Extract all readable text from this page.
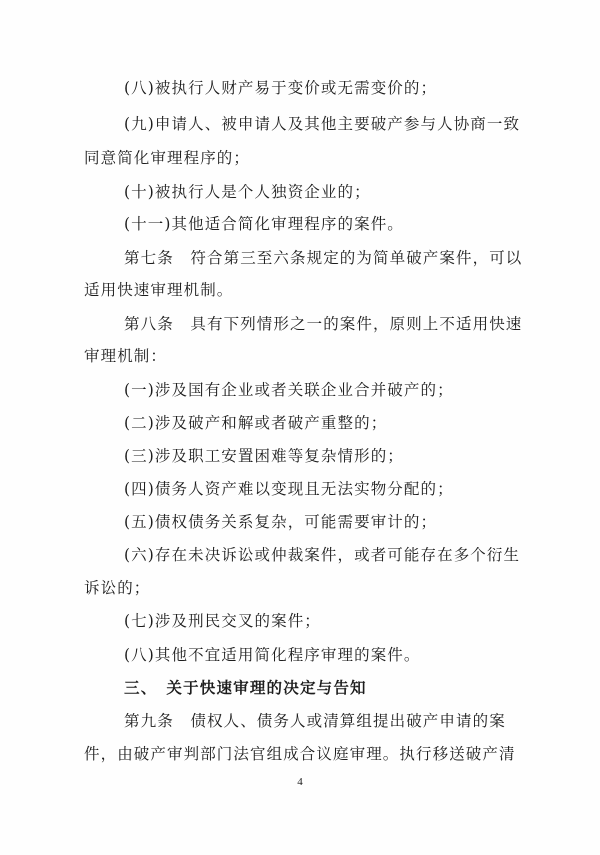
(八)被执行人财产易于变价或无需变价的；
(九)申请人、被申请人及其他主要破产参与人协商一致
同意简化审理程序的；
(十)被执行人是个人独资企业的；
(十一)其他适合简化审理程序的案件。
第七条　符合第三至六条规定的为简单破产案件，可以
适用快速审理机制。
第八条　具有下列情形之一的案件，原则上不适用快速
审理机制：
(一)涉及国有企业或者关联企业合并破产的；
(二)涉及破产和解或者破产重整的；
(三)涉及职工安置困难等复杂情形的；
(四)债务人资产难以变现且无法实物分配的；
(五)债权债务关系复杂，可能需要审计的；
(六)存在未决诉讼或仲裁案件，或者可能存在多个衍生
诉讼的；
(七)涉及刑民交叉的案件；
(八)其他不宜适用简化程序审理的案件。
三、　关于快速审理的决定与告知
第九条　债权人、债务人或清算组提出破产申请的案
件，由破产审判部门法官组成合议庭审理。执行移送破产清
4
